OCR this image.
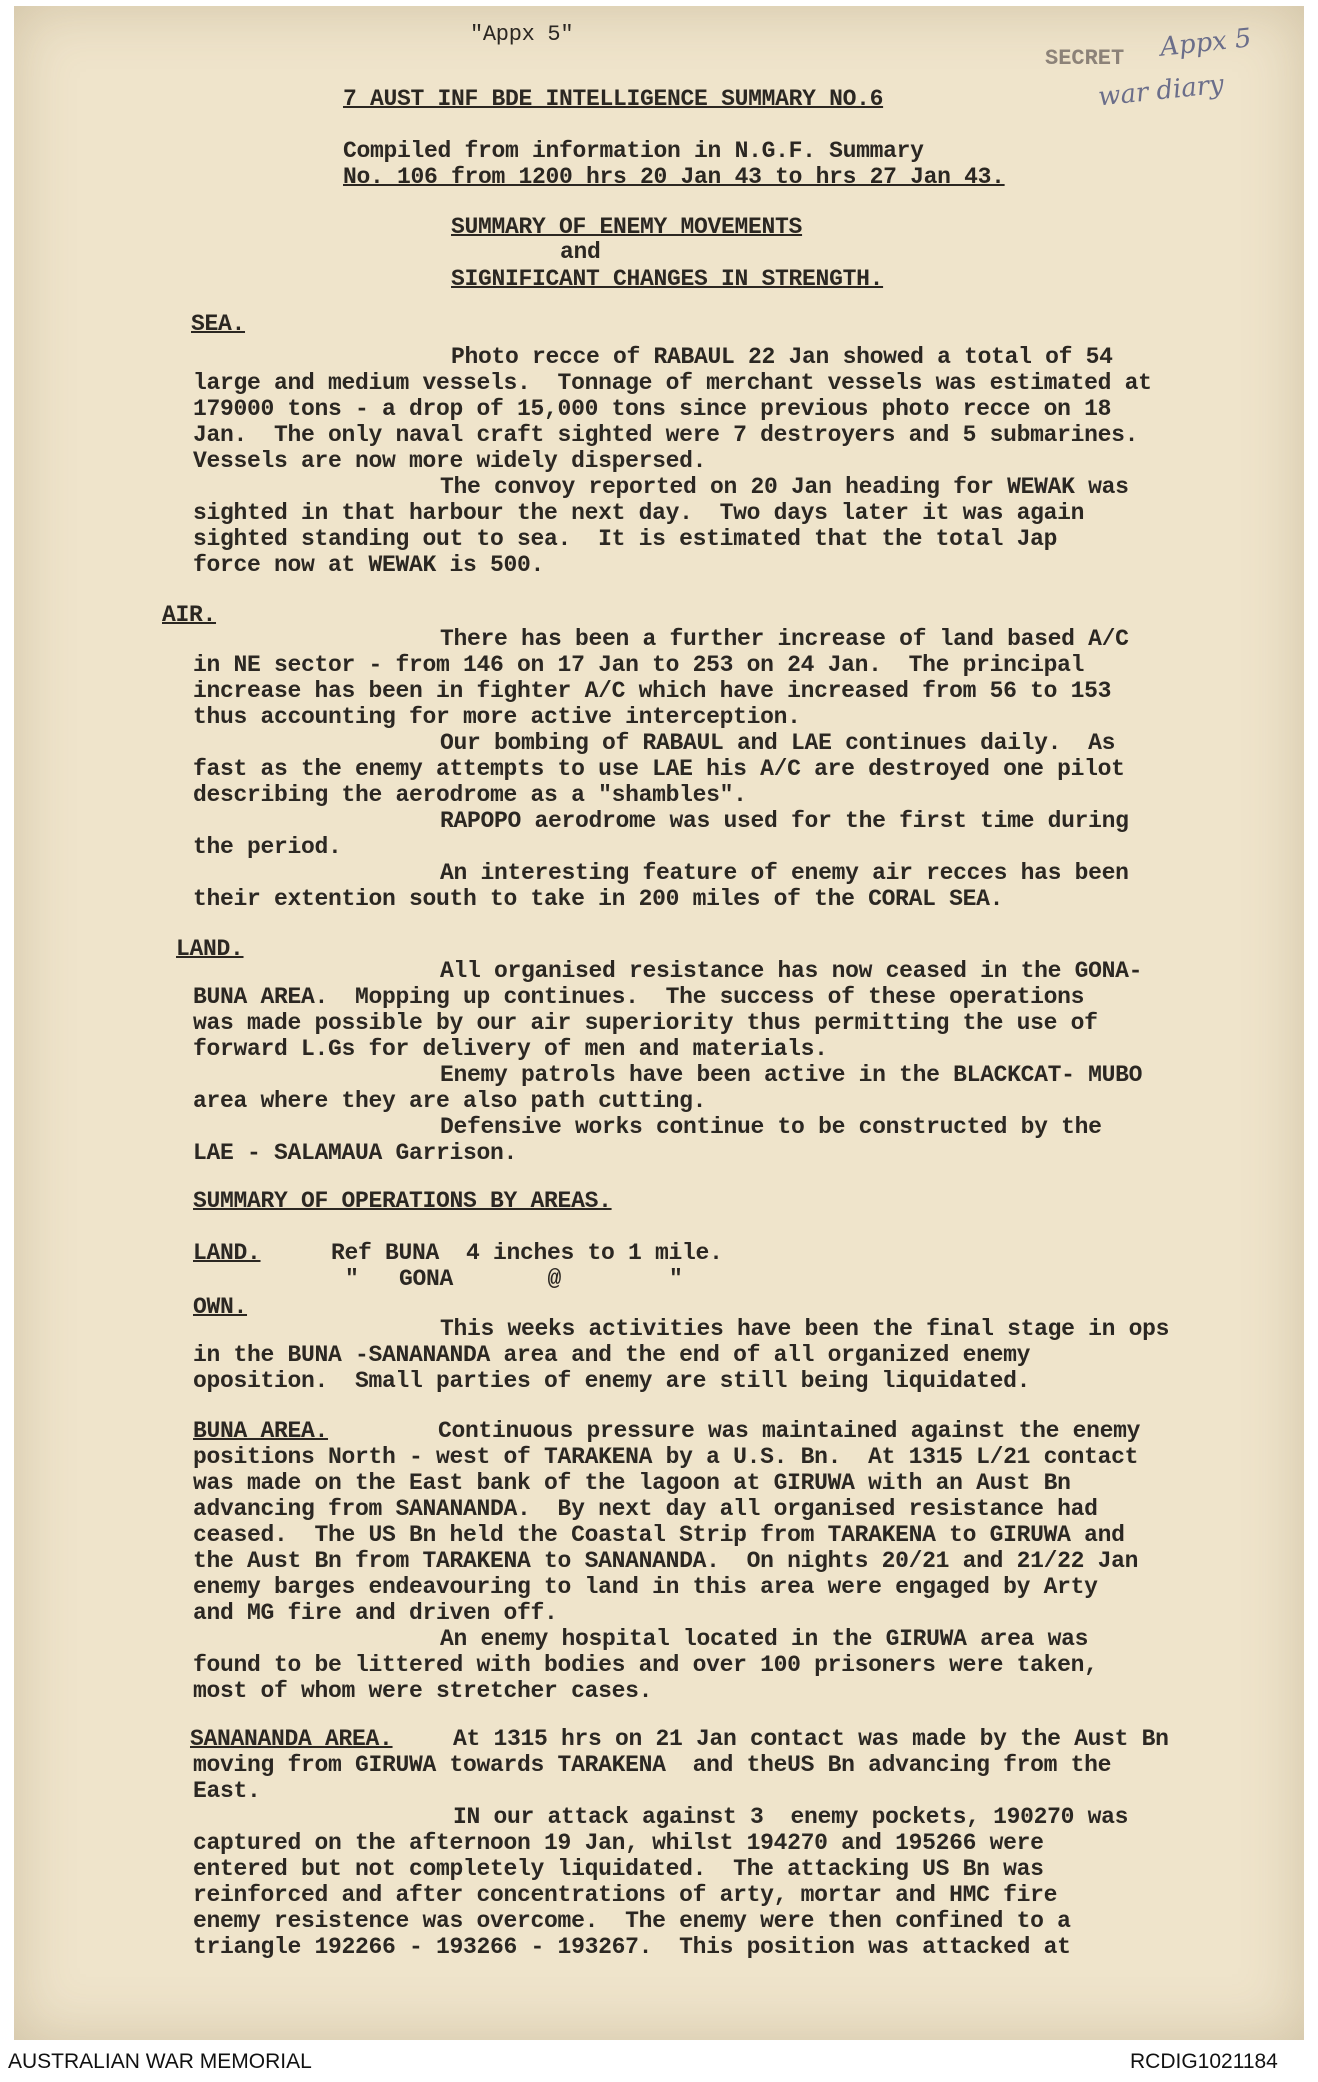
"Appx 5"
SECRET Appx 5
war diary
7 AUST INF BDE INTELLIGENCE SUMMARY NO.6
Compiled from information in N.G.F. Summary
No. 106 from 1200 hrs 20 Jan 43 to hrs 27 Jan 43.
SUMMARY OF ENEMY MOVEMENTS
and
SIGNIFICANT CHANGES IN STRENGTH.
SEA.
Photo recce of RABAUL 22 Jan showed a total of 54
large and medium vessels.  Tonnage of merchant vessels was estimated at
179000 tons - a drop of 15,000 tons since previous photo recce on 18
Jan.  The only naval craft sighted were 7 destroyers and 5 submarines.
Vessels are now more widely dispersed.
The convoy reported on 20 Jan heading for WEWAK was
sighted in that harbour the next day.  Two days later it was again
sighted standing out to sea.  It is estimated that the total Jap
force now at WEWAK is 500.
AIR.
There has been a further increase of land based A/C
in NE sector - from 146 on 17 Jan to 253 on 24 Jan.  The principal
increase has been in fighter A/C which have increased from 56 to 153
thus accounting for more active interception.
Our bombing of RABAUL and LAE continues daily.  As
fast as the enemy attempts to use LAE his A/C are destroyed one pilot
describing the aerodrome as a "shambles".
RAPOPO aerodrome was used for the first time during
the period.
An interesting feature of enemy air recces has been
their extention south to take in 200 miles of the CORAL SEA.
LAND.
All organised resistance has now ceased in the GONA-
BUNA AREA.  Mopping up continues.  The success of these operations
was made possible by our air superiority thus permitting the use of
forward L.Gs for delivery of men and materials.
Enemy patrols have been active in the BLACKCAT- MUBO
area where they are also path cutting.
Defensive works continue to be constructed by the
LAE - SALAMAUA Garrison.
SUMMARY OF OPERATIONS BY AREAS.
LAND.	Ref BUNA  4 inches to 1 mile.
"   GONA       @        "
OWN.
This weeks activities have been the final stage in ops
in the BUNA -SANANANDA area and the end of all organized enemy
oposition.  Small parties of enemy are still being liquidated.
BUNA AREA.	Continuous pressure was maintained against the enemy
positions North - west of TARAKENA by a U.S. Bn.  At 1315 L/21 contact
was made on the East bank of the lagoon at GIRUWA with an Aust Bn
advancing from SANANANDA.  By next day all organised resistance had
ceased.  The US Bn held the Coastal Strip from TARAKENA to GIRUWA and
the Aust Bn from TARAKENA to SANANANDA.  On nights 20/21 and 21/22 Jan
enemy barges endeavouring to land in this area were engaged by Arty
and MG fire and driven off.
An enemy hospital located in the GIRUWA area was
found to be littered with bodies and over 100 prisoners were taken,
most of whom were stretcher cases.
SANANANDA AREA.	At 1315 hrs on 21 Jan contact was made by the Aust Bn
moving from GIRUWA towards TARAKENA  and theUS Bn advancing from the
East.
IN our attack against 3  enemy pockets, 190270 was
captured on the afternoon 19 Jan, whilst 194270 and 195266 were
entered but not completely liquidated.  The attacking US Bn was
reinforced and after concentrations of arty, mortar and HMC fire
enemy resistence was overcome.  The enemy were then confined to a
triangle 192266 - 193266 - 193267.  This position was attacked at
AUSTRALIAN WAR MEMORIAL	RCDIG1021184
